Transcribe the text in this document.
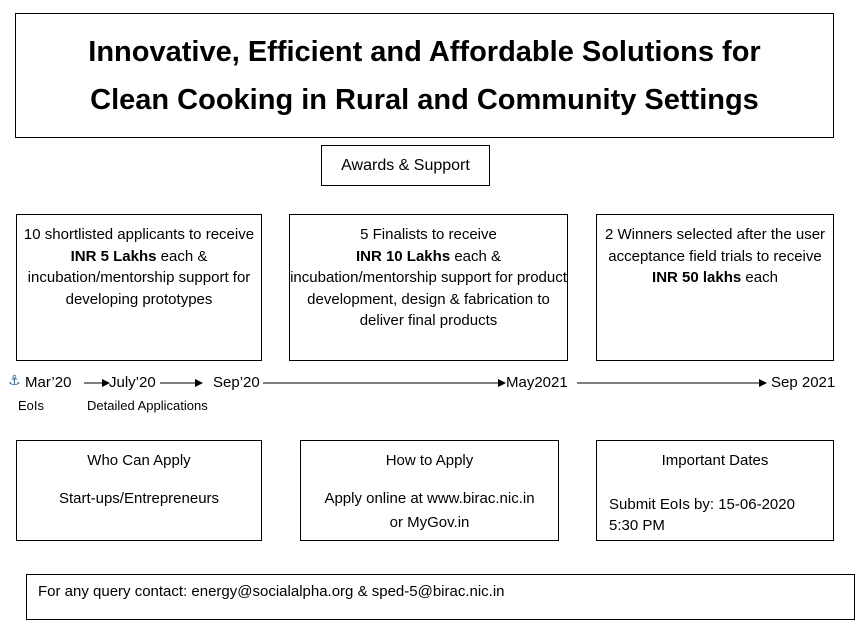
Innovative, Efficient and Affordable Solutions for
Clean Cooking in Rural and Community Settings
Awards & Support
10 shortlisted applicants to receive INR 5 Lakhs each & incubation/mentorship support for developing prototypes
5 Finalists to receive
INR 10 Lakhs each & incubation/mentorship support for product development, design & fabrication to deliver final products
2 Winners selected after the user acceptance field trials to receive INR 50 lakhs each
⚓ Mar’20	July’20	Sep’20	May2021	Sep 2021
EoIs	Detailed Applications
Who Can Apply
Start-ups/Entrepreneurs
How to Apply
Apply online at www.birac.nic.in
or MyGov.in
Important Dates
Submit EoIs by: 15-06-2020
5:30 PM
For any query contact: energy@socialalpha.org & sped-5@birac.nic.in
